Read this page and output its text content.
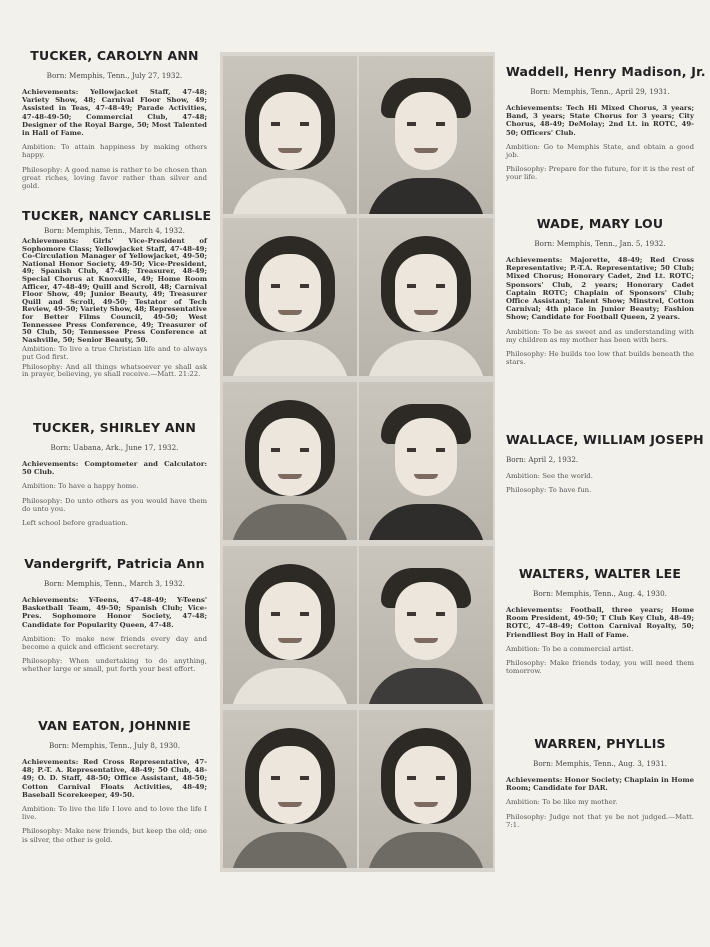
TUCKER, CAROLYN ANN
Born: Memphis, Tenn., July 27, 1932.
Achievements: Yellowjacket Staff, 47-48; Variety Show, 48; Carnival Floor Show, 49; Assisted in Teas, 47-48-49; Parade Activities, 47-48-49-50; Commercial Club, 47-48; Designer of the Royal Barge, 50; Most Talented in Hall of Fame.
Ambition: To attain happiness by making others happy.
Philosophy: A good name is rather to be chosen than great riches, loving favor rather than silver and gold.
TUCKER, NANCY CARLISLE
Born: Memphis, Tenn., March 4, 1932.
Achievements: Girls' Vice-President of Sophomore Class; Yellowjacket Staff, 47-48-49; Co-Circulation Manager of Yellowjacket, 49-50; National Honor Society, 49-50; Vice-President, 49; Spanish Club, 47-48; Treasurer, 48-49; Special Chorus at Knoxville, 49; Home Room Afficer, 47-48-49; Quill and Scroll, 48; Carnival Floor Show, 49; Junior Beauty, 49; Treasurer Quill and Scroll, 49-50; Testator of Tech Review, 49-50; Variety Show, 48; Representative for Better Films Council, 49-50; West Tennessee Press Conference, 49; Treasurer of 50 Club, 50; Tennessee Press Conference at Nashville, 50; Senior Beauty, 50.
Ambition: To live a true Christian life and to always put God first.
Philosophy: And all things whatsoever ye shall ask in prayer, believing, ye shall receive.—Matt. 21:22.
TUCKER, SHIRLEY ANN
Born: Uabana, Ark., June 17, 1932.
Achievements: Comptometer and Calculator: 50 Club.
Ambition: To have a happy home.
Philosophy: Do unto others as you would have them do unto you.
Left school before graduation.
Vandergrift, Patricia Ann
Born: Memphis, Tenn., March 3, 1932.
Achievements: Y-Teens, 47-48-49; Y-Teens' Basketball Team, 49-50; Spanish Club; Vice-Pres. Sophomore Honor Society, 47-48; Candidate for Popularity Queen, 47-48.
Ambition: To make new friends every day and become a quick and efficient secretary.
Philosophy: When undertaking to do anything, whether large or small, put forth your best effort.
VAN EATON, JOHNNIE
Born: Memphis, Tenn., July 8, 1930.
Achievements: Red Cross Representative, 47-48; P.-T. A. Representative, 48-49; 50 Club, 48-49; O. D. Staff, 48-50; Office Assistant, 48-50; Cotton Carnival Floats Activities, 48-49; Baseball Scorekeeper, 49-50.
Ambition: To live the life I love and to love the life I live.
Philosophy: Make new friends, but keep the old; one is silver, the other is gold.
Waddell, Henry Madison, Jr.
Born: Memphis, Tenn., April 29, 1931.
Achievements: Tech Hi Mixed Chorus, 3 years; Band, 3 years; State Chorus for 3 years; City Chorus, 48-49; DeMolay; 2nd Lt. in ROTC, 49-50; Officers' Club.
Ambition: Go to Memphis State, and obtain a good job.
Philosophy: Prepare for the future, for it is the rest of your life.
WADE, MARY LOU
Born: Memphis, Tenn., Jan. 5, 1932.
Achievements: Majorette, 48-49; Red Cross Representative; P.-T.A. Representative; 50 Club; Mixed Chorus; Honorary Cadet, 2nd Lt. ROTC; Sponsors' Club, 2 years; Honorary Cadet Captain ROTC; Chaplain of Sponsors' Club; Office Assistant; Talent Show; Minstrel, Cotton Carnival; 4th place in Junior Beauty; Fashion Show; Candidate for Football Queen, 2 years.
Ambition: To be as sweet and as understanding with my children as my mother has been with hers.
Philosophy: He builds too low that builds beneath the stars.
WALLACE, WILLIAM JOSEPH
Born: April 2, 1932.
Ambition: See the world.
Philosophy: To have fun.
WALTERS, WALTER LEE
Born: Memphis, Tenn., Aug. 4, 1930.
Achievements: Football, three years; Home Room President, 49-50; T Club Key Club, 48-49; ROTC, 47-48-49; Cotton Carnival Royalty, 50; Friendliest Boy in Hall of Fame.
Ambition: To be a commercial artist.
Philosophy: Make friends today, you will need them tomorrow.
WARREN, PHYLLIS
Born: Memphis, Tenn., Aug. 3, 1931.
Achievements: Honor Society; Chaplain in Home Room; Candidate for DAR.
Ambition: To be like my mother.
Philosophy: Judge not that ye be not judged.—Matt. 7:1.
